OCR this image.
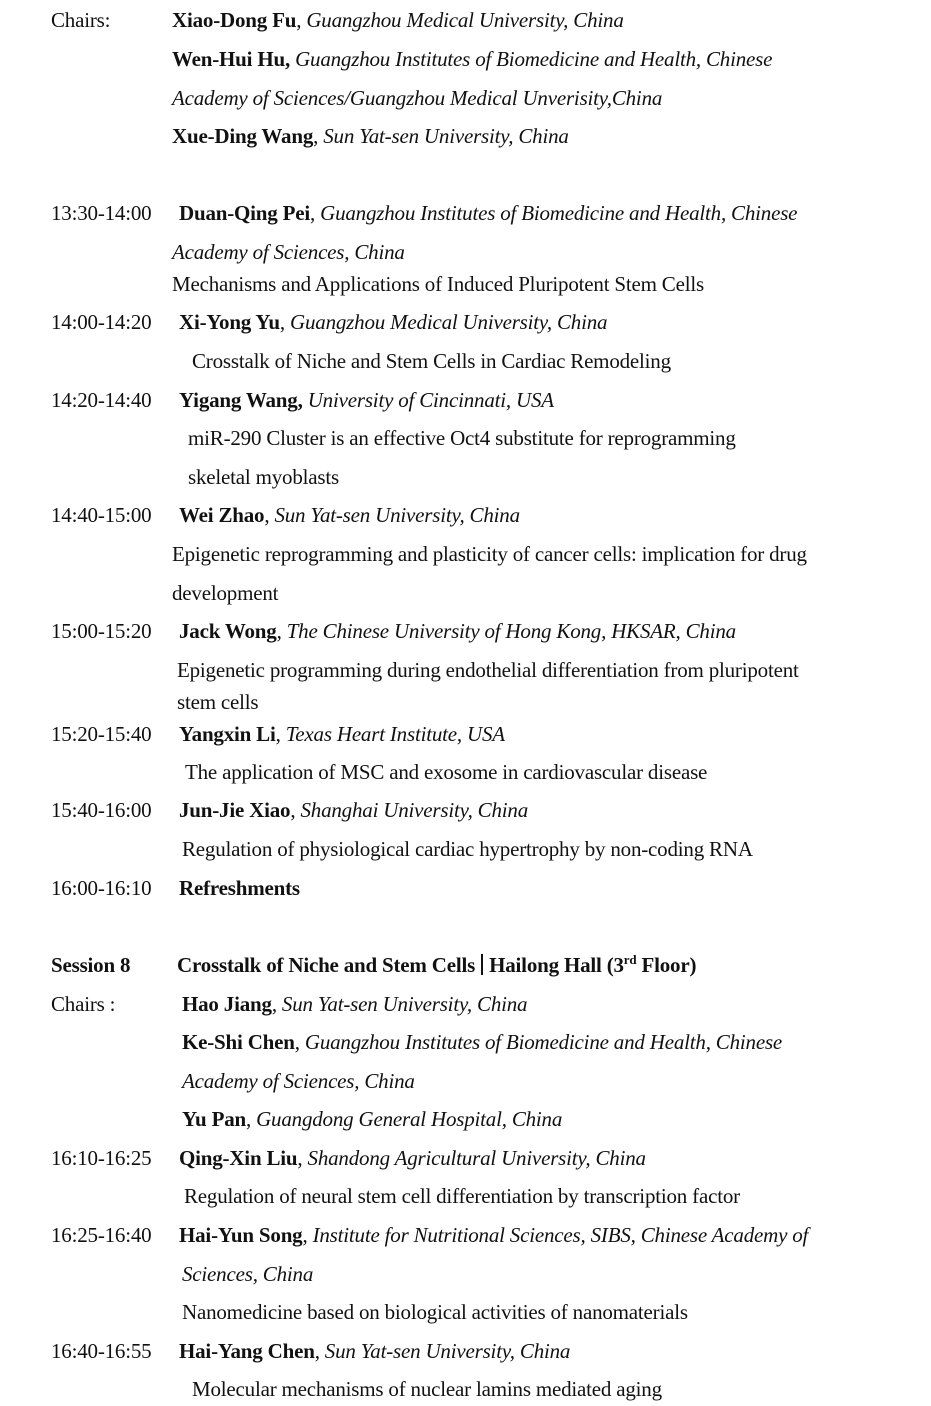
Chairs:	Xiao-Dong Fu, Guangzhou Medical University, China
Wen-Hui Hu, Guangzhou Institutes of Biomedicine and Health, Chinese
Academy of Sciences/Guangzhou Medical Unverisity,China
Xue-Ding Wang, Sun Yat-sen University, China
13:30-14:00 Duan-Qing Pei, Guangzhou Institutes of Biomedicine and Health, Chinese
Academy of Sciences, China
Mechanisms and Applications of Induced Pluripotent Stem Cells
14:00-14:20 Xi-Yong Yu, Guangzhou Medical University, China
Crosstalk of Niche and Stem Cells in Cardiac Remodeling
14:20-14:40 Yigang Wang, University of Cincinnati, USA
miR-290 Cluster is an effective Oct4 substitute for reprogramming
skeletal myoblasts
14:40-15:00 Wei Zhao, Sun Yat-sen University, China
Epigenetic reprogramming and plasticity of cancer cells: implication for drug
development
15:00-15:20 Jack Wong, The Chinese University of Hong Kong, HKSAR, China
Epigenetic programming during endothelial differentiation from pluripotent
stem cells
15:20-15:40 Yangxin Li, Texas Heart Institute, USA
The application of MSC and exosome in cardiovascular disease
15:40-16:00 Jun-Jie Xiao, Shanghai University, China
Regulation of physiological cardiac hypertrophy by non-coding RNA
16:00-16:10 Refreshments
Session 8 Crosstalk of Niche and Stem Cells Hailong Hall (3rd Floor)
Chairs :	Hao Jiang, Sun Yat-sen University, China
Ke-Shi Chen, Guangzhou Institutes of Biomedicine and Health, Chinese
Academy of Sciences, China
Yu Pan, Guangdong General Hospital, China
16:10-16:25 Qing-Xin Liu, Shandong Agricultural University, China
Regulation of neural stem cell differentiation by transcription factor
16:25-16:40 Hai-Yun Song, Institute for Nutritional Sciences, SIBS, Chinese Academy of
Sciences, China
Nanomedicine based on biological activities of nanomaterials
16:40-16:55 Hai-Yang Chen, Sun Yat-sen University, China
Molecular mechanisms of nuclear lamins mediated aging
